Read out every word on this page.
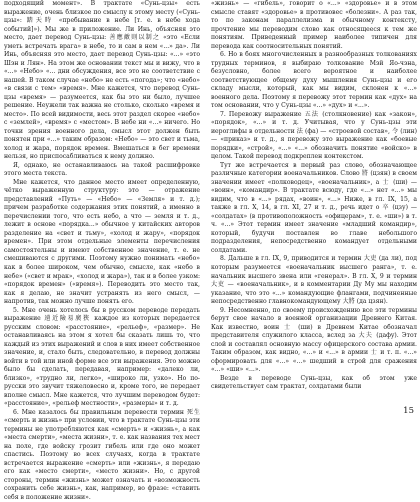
подходящий момент». В трактате «Сунь-цзы» есть выражение, очень близкое по смыслу к этому месту («Сунь-цзы»: 踏天時 «пребывание в небе [т. е. в небе хода событий]»). Мы же в приложение. Ли Инь, объясняя это место, дает перевод Сунь-цзы: 善應敵則以制之 «это «Если уметь встречать врага» в небе, то и сам в нем «...» да». Ли Инь, объясняя это место, дает перевод Сунь-цзы: «...» «это Шэн и Лян». На этом же основании текст мы и вижу, что в «...» «Небо» «... дни обсуждения, все это не соответствие с нашей. В таком случае «небо» не есть «погода»; что «небо» «в связи с тем» «время». Мне кажется, что перевод Сунь-цзы «время» — разумеется, как бы это ни было, лучшее решение. Неужели так важна не столько, сколько «время и место». По всей видимости, весь этот раздел скорее «небо» с «землей», «время» с «местом». В небе ни «...» ничего. Но точки зрения военного дела, смысл этот должен быть понятен при «...» таким образом: «Небо» — это свет и тьма, холод и жара, порядок времен. Вмешаться в бег времени нельзя, но приспосабливаться к нему должно.

Я, однако, не останавливаюсь на такой расшифровке этого места текста.

Мне кажется, что данное место имеет определенную, чётко выраженную структуру: это — отражение представлений «Путь» — «Небо» — «Земля» и т. д.); причем разработке содержания этих понятий, а именно в перечислении того, что есть небо, а что — земля и т. д., лежит в основе «порядка...» обычное у китайских авторов разделение на «свет и тьму», «холод и жару», «порядок времен». При этом отдельные элементы перечисления самостоятельны и имеют собственное значение, т. е. не смешиваются с другими. Поэтому нужно понимать «небо» как в более широком, чем обычно, смысле, как «небо в небе» («свет и мрак», «холод и жара»), так и в более узком: «порядок времен» («время»). Переводить это место так, как я делаю, не значит устранять из него смысл, — напротив, так можно лучше понять его.

5. Мне очень хотелось бы в русском переводе передать выражение 遠近險易廣狹 каждое из которых передается русским словом: «расстояние», «рельеф», «размер». Не останавливаясь на этом я хотел бы сказать лишь то, что каждый из этих выражений и слов в них имеет собственное значение, и, стало быть, следовательно, в перевод должны войти в той или иной форме все эти выражения. Это можно было бы сделать, передавая, например: «далеко ли, близко», «трудно ли, легко», «широко ли, узко». Но по-русски это звучит тяжеловесно и, кроме того, не передает вполне смысл. Мне кажется, что лучшим переводом будет: «расстояние», «рельеф местности», «размеры» и т. д.

6. Мне казалось бы правильным перевести термин 死生 «смерть и жизнь» при условии, что в трактате Сунь-цзы эти термины не употребляются как «смерть» и «жизнь», а как «места смерти», «места жизни», т. е. как названия тех мест на поле, где войску грозит гибель или где оно может спастись. Поэтому во всех случаях, когда в трактате встречается выражение «смерть» или «жизнь», я передаю его как «место смерти», «место жизни». Но, с другой стороны, термин «жизнь» может означать и «возможность сохранить себе жизнь», как, например, во фразе: «ставить себя в положение жизни».

«жизнь» — «гибель», говорит о «...» «здоровье» и в этом смысле ставят «здоровье» в противовес «болезни». А раз так, то по законам параллелизма и обычному контексту, прочтение мы переводим слово как относящееся к тем же понятиям. Приведенный пример наиболее типичен для перевода как соотносительных понятий.

6. Но в боях многочисленных в разнообразных толкованиях трудных терминов, я выбираю толкование Мэй Яо-чэна, безусловно, более всего вероятное и наиболее соответствующее общему духу мышления Сунь-цзы и его складу мысли, который, как мы видим, склонен к «...» военного дела. Поэтому я перевожу этот термин как «дух» на том основании, что у Сунь-цзы «...» «дух» и «...».

7. Перевожу выражение 五法 (столкновение) как «закон», «порядок», «...» и т. д. Учитывая, что у Сунь-цзы эти иероглифы в отдельности 法 (фа) — «строевой состав», 令 (лин) — «приказ» и т. д., я перевожу это выражение как «боевые порядки», «строй», «...» «...» обозначить понятие «войско» в целом. Такой перевод подкреплен контекстом.

Тут же встречается в первый раз слово, обозначающее различные категории военачальников. Слово 將 (цзян) в своем значении имеет «полководец», «военачальник», а 士 (ши) — «воин», «командир». В трактате всюду, где «...» нет «...» мы видим, что в «...» рядах, «воин», «...» Ниже, в гл. IX, 15, а также в гл. X, 14, в гл. XI, 27 и т. д., речь идет о 卒 (цзу) — «солдатах» (в противоположность «офицерам», т. е. «ши») в т. ч. «...» Этот термин имеет значение «младший командир», который, будучи поставлен во главе небольшого подразделения, непосредственно командует отдельными солдатами.

8. Дальше в гл. IX, 9, приводится и термин 大吏 (да ли), под которым разумеется «военачальник высшего ранга», т. е. начальник высшего звена или «генерал». В гл. X, 9 и термин 大吏 — «военачальник», и в комментарии Ду Му мы находим указание, что это «...» командующие флангами, подчиненные непосредственно главнокомандующему 大將 (да цзян).

9. Несомненно, по своему происхождению все эти термины берут свое начало в военной организации Древнего Китая. Как известно, воин 士 (ши) в Древнем Китае обозначал представителя служилого класса, вслед за 大夫 (дафу). Этот слой и составлял основную массу офицерского состава армии. Таким образом, как видно, «...» и «...» в армии 士 и т. п. «...» сформировать для «...» «...» шедший в строй для сражения «...» «ши» «...».

Везде в переводе Сунь-цзы, как об этом уже свидетельствует сам трактат, солдатами были

15
